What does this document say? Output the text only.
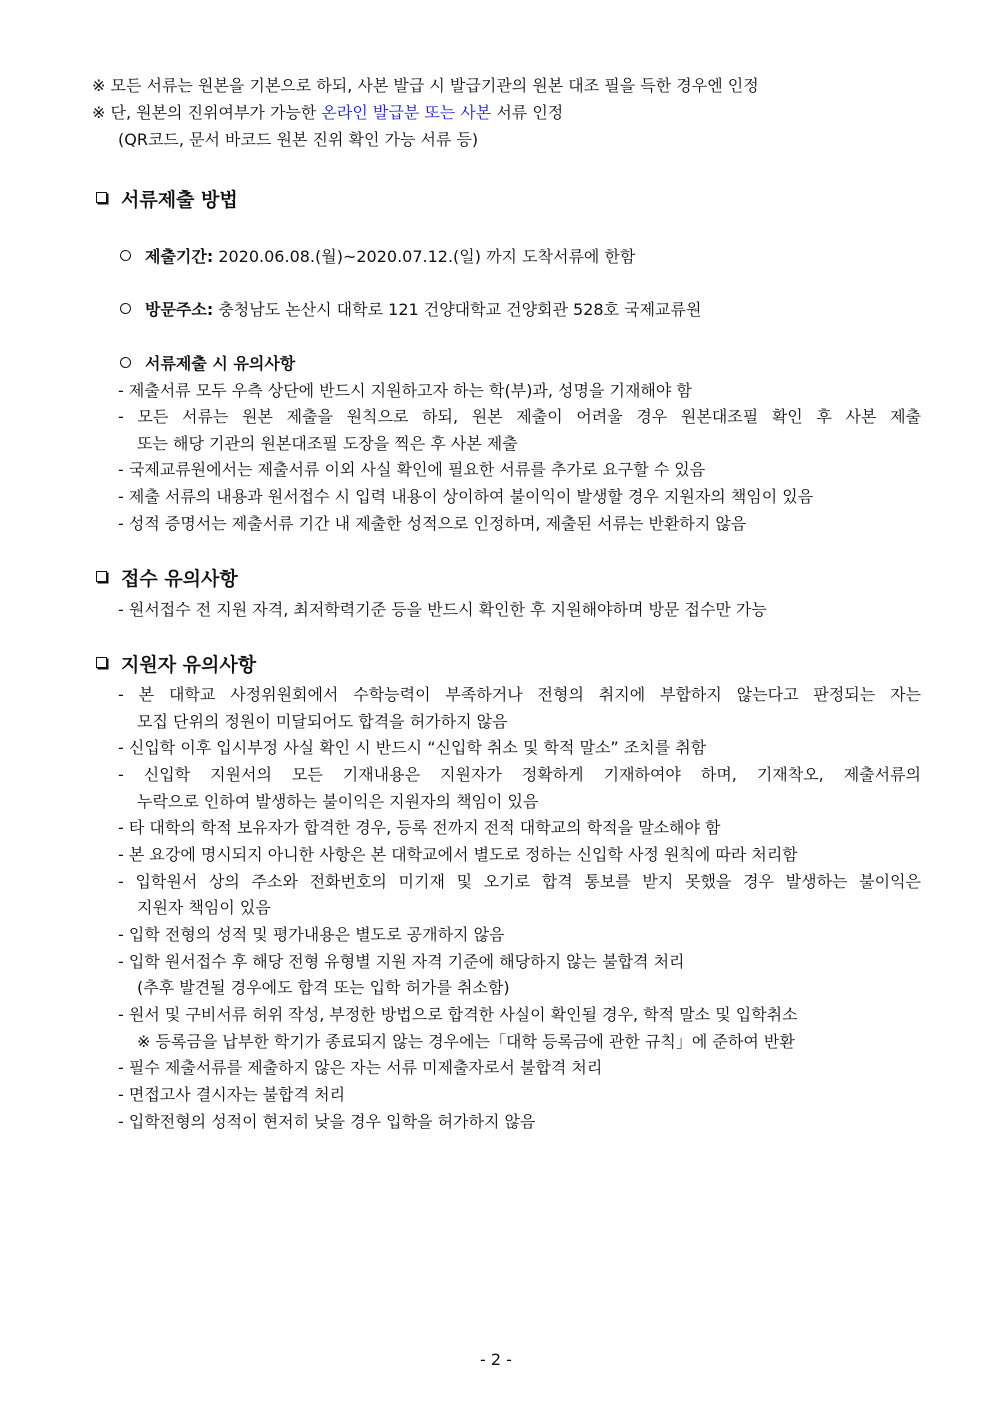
※ 모든 서류는 원본을 기본으로 하되, 사본 발급 시 발급기관의 원본 대조 필을 득한 경우엔 인정
※ 단, 원본의 진위여부가 가능한 온라인 발급분 또는 사본 서류 인정
(QR코드, 문서 바코드 원본 진위 확인 가능 서류 등)
서류제출 방법
제출기간: 2020.06.08.(월)~2020.07.12.(일) 까지 도착서류에 한함
방문주소: 충청남도 논산시 대학로 121 건양대학교 건양회관 528호 국제교류원
서류제출 시 유의사항
- 제출서류 모두 우측 상단에 반드시 지원하고자 하는 학(부)과, 성명을 기재해야 함
- 모든 서류는 원본 제출을 원칙으로 하되, 원본 제출이 어려울 경우 원본대조필 확인 후 사본 제출
또는 해당 기관의 원본대조필 도장을 찍은 후 사본 제출
- 국제교류원에서는 제출서류 이외 사실 확인에 필요한 서류를 추가로 요구할 수 있음
- 제출 서류의 내용과 원서접수 시 입력 내용이 상이하여 불이익이 발생할 경우 지원자의 책임이 있음
- 성적 증명서는 제출서류 기간 내 제출한 성적으로 인정하며, 제출된 서류는 반환하지 않음
접수 유의사항
- 원서접수 전 지원 자격, 최저학력기준 등을 반드시 확인한 후 지원해야하며 방문 접수만 가능
지원자 유의사항
- 본 대학교 사정위원회에서 수학능력이 부족하거나 전형의 취지에 부합하지 않는다고 판정되는 자는
모집 단위의 정원이 미달되어도 합격을 허가하지 않음
- 신입학 이후 입시부정 사실 확인 시 반드시 “신입학 취소 및 학적 말소” 조치를 취함
- 신입학 지원서의 모든 기재내용은 지원자가 정확하게 기재하여야 하며, 기재착오, 제출서류의
누락으로 인하여 발생하는 불이익은 지원자의 책임이 있음
- 타 대학의 학적 보유자가 합격한 경우, 등록 전까지 전적 대학교의 학적을 말소해야 함
- 본 요강에 명시되지 아니한 사항은 본 대학교에서 별도로 정하는 신입학 사정 원칙에 따라 처리함
- 입학원서 상의 주소와 전화번호의 미기재 및 오기로 합격 통보를 받지 못했을 경우 발생하는 불이익은
지원자 책임이 있음
- 입학 전형의 성적 및 평가내용은 별도로 공개하지 않음
- 입학 원서접수 후 해당 전형 유형별 지원 자격 기준에 해당하지 않는 불합격 처리
(추후 발견될 경우에도 합격 또는 입학 허가를 취소함)
- 원서 및 구비서류 허위 작성, 부정한 방법으로 합격한 사실이 확인될 경우, 학적 말소 및 입학취소
※ 등록금을 납부한 학기가 종료되지 않는 경우에는「대학 등록금에 관한 규칙」에 준하여 반환
- 필수 제출서류를 제출하지 않은 자는 서류 미제출자로서 불합격 처리
- 면접고사 결시자는 불합격 처리
- 입학전형의 성적이 현저히 낮을 경우 입학을 허가하지 않음
- 2 -
